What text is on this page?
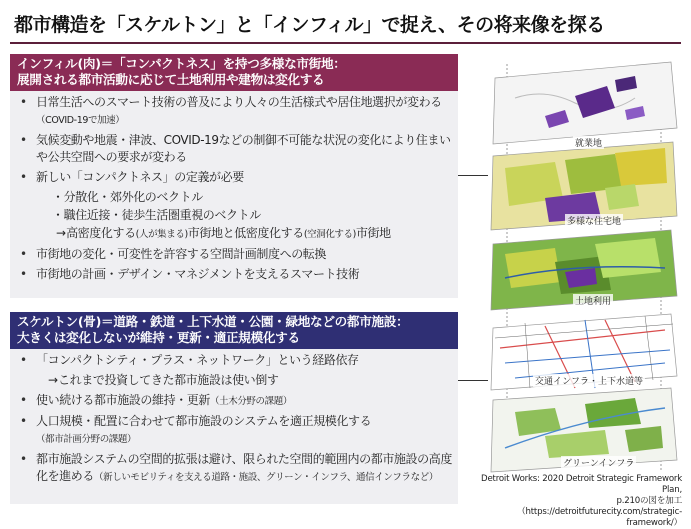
都市構造を「スケルトン」と「インフィル」で捉え、その将来像を探る
インフィル(肉)＝「コンパクトネス」を持つ多様な市街地：
展開される都市活動に応じて土地利用や建物は変化する
• 日常生活へのスマート技術の普及により人々の生活様式や居住地選択が変わる（COVID-19で加速）
• 気候変動や地震・津波、COVID-19などの制御不可能な状況の変化により住まいや公共空間への要求が変わる
• 新しい「コンパクトネス」の定義が必要
・分散化・郊外化のベクトル
・職住近接・徒歩生活圏重視のベクトル
→高密度化する(人が集まる)市街地と低密度化する(空洞化する)市街地
• 市街地の変化・可変性を許容する空間計画制度への転換
• 市街地の計画・デザイン・マネジメントを支えるスマート技術
スケルトン(骨)＝道路・鉄道・上下水道・公園・緑地などの都市施設：
大きくは変化しないが維持・更新・適正規模化する
• 「コンパクトシティ・プラス・ネットワーク」という経路依存
→これまで投資してきた都市施設は使い倒す
• 使い続ける都市施設の維持・更新（土木分野の課題）
• 人口規模・配置に合わせて都市施設のシステムを適正規模化する
（都市計画分野の課題）
• 都市施設システムの空間的拡張は避け、限られた空間的範囲内の都市施設の高度化を進める（新しいモビリティを支える道路・施設、グリーン・インフラ、通信インフラなど）
就業地
多様な住宅地
土地利用
交通インフラ・上下水道等
グリーンインフラ
Detroit Works: 2020 Detroit Strategic Framework Plan,
p.210の図を加工
（https://detroitfuturecity.com/strategic-framework/）
